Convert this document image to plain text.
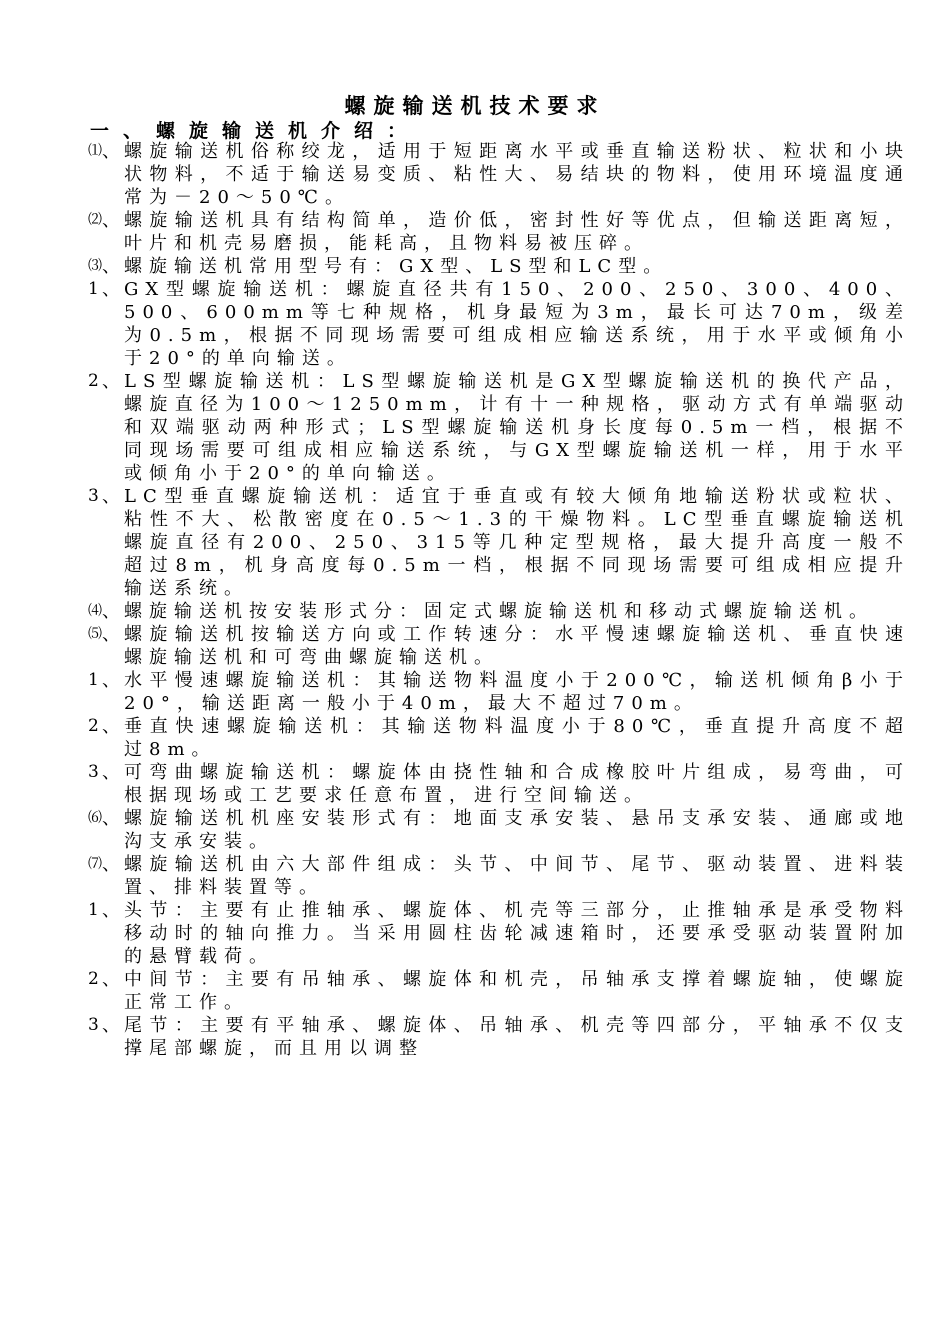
螺旋输送机技术要求
一、螺旋输送机介绍：
⑴
、
螺旋输送机俗称绞龙，适用于短距离水平或垂直输送粉状、粒状和小块状物料，不适于输送易变质、粘性大、易结块的物料，使用环境温度通常为－20～50℃。
⑵
、
螺旋输送机具有结构简单，造价低，密封性好等优点，但输送距离短，叶片和机壳易磨损，能耗高，且物料易被压碎。
⑶
、
螺旋输送机常用型号有：GX型、LS型和LC型。
1 、
GX型螺旋输送机：螺旋直径共有150、200、250、300、400、500、600mm等七种规格，机身最短为3m，最长可达70m，级差为0.5m，根据不同现场需要可组成相应输送系统，用于水平或倾角小于20°的单向输送。
2 、
LS型螺旋输送机：LS型螺旋输送机是GX型螺旋输送机的换代产品，螺旋直径为100～1250mm，计有十一种规格，驱动方式有单端驱动和双端驱动两种形式；LS型螺旋输送机身长度每0.5m一档，根据不同现场需要可组成相应输送系统，与GX型螺旋输送机一样，用于水平或倾角小于20°的单向输送。
3 、
LC型垂直螺旋输送机：适宜于垂直或有较大倾角地输送粉状或粒状、粘性不大、松散密度在0.5～1.3的干燥物料。LC型垂直螺旋输送机螺旋直径有200、250、315等几种定型规格，最大提升高度一般不超过8m，机身高度每0.5m一档，根据不同现场需要可组成相应提升输送系统。
⑷
、
螺旋输送机按安装形式分：固定式螺旋输送机和移动式螺旋输送机。
⑸
、
螺旋输送机按输送方向或工作转速分：水平慢速螺旋输送机、垂直快速螺旋输送机和可弯曲螺旋输送机。
1 、
水平慢速螺旋输送机：其输送物料温度小于200℃，输送机倾角β小于20°，输送距离一般小于40m，最大不超过70m。
2 、
垂直快速螺旋输送机：其输送物料温度小于80℃，垂直提升高度不超过8m。
3 、
可弯曲螺旋输送机：螺旋体由挠性轴和合成橡胶叶片组成，易弯曲，可根据现场或工艺要求任意布置，进行空间输送。
⑹
、
螺旋输送机机座安装形式有：地面支承安装、悬吊支承安装、通廊或地沟支承安装。
⑺
、
螺旋输送机由六大部件组成：头节、中间节、尾节、驱动装置、进料装置、排料装置等。
1 、
头节：主要有止推轴承、螺旋体、机壳等三部分，止推轴承是承受物料移动时的轴向推力。当采用圆柱齿轮减速箱时，还要承受驱动装置附加的悬臂载荷。
2 、
中间节：主要有吊轴承、螺旋体和机壳，吊轴承支撑着螺旋轴，使螺旋正常工作。
3 、
尾节：主要有平轴承、螺旋体、吊轴承、机壳等四部分，平轴承不仅支撑尾部螺旋，而且用以调整
